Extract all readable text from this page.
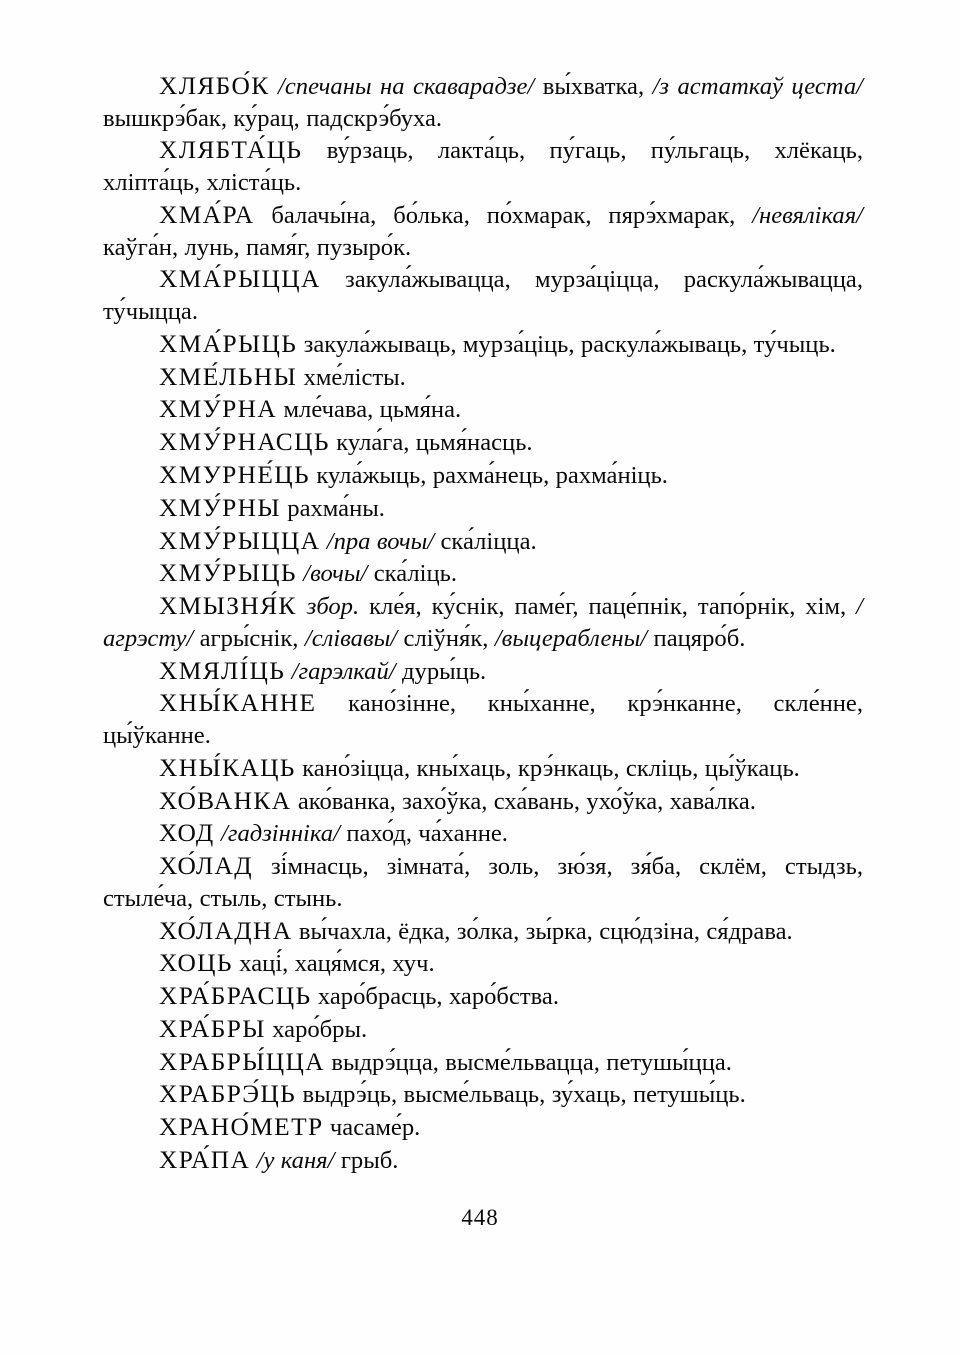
ХЛЯБО́К /спечаны на скаварадзе/ вы́хватка, /з астаткаў цеста/ вышкрэ́бак, ку́рац, падскрэ́буха.

ХЛЯБТА́ЦЬ ву́рзаць, лакта́ць, пу́гаць, пу́льгаць, хлёкаць, хліпта́ць, хліста́ць.

ХМА́РА балачы́на, бо́лька, по́хмарак, пярэ́хмарак, /невялікая/ каўга́н, лунь, памя́г, пузыро́к.

ХМА́РЫЦЦА закула́жывацца, мурза́ціцца, раскула́жывацца, ту́чыцца.

ХМА́РЫЦЬ закула́жываць, мурза́ціць, раскула́жываць, ту́чыць.

ХМЕ́ЛЬНЫ хме́лісты.

ХМУ́РНА мле́чава, цьмя́на.

ХМУ́РНАСЦЬ кула́га, цьмя́насць.

ХМУРНЕ́ЦЬ кула́жыць, рахма́нець, рахма́ніць.

ХМУ́РНЫ рахма́ны.

ХМУ́РЫЦЦА /пра вочы/ ска́ліцца.

ХМУ́РЫЦЬ /вочы/ ска́ліць.

ХМЫЗНЯ́К збор. кле́я, ку́снік, паме́г, паце́пнік, тапо́рнік, хім, /агрэсту/ агры́снік, /слівавы/ сліўня́к, /выцераблены/ пацяро́б.

ХМЯЛІ́ЦЬ /гарэлкай/ дуры́ць.

ХНЫ́КАННЕ кано́зінне, кны́ханне, крэ́нканне, скле́нне, цы́ўканне.

ХНЫ́КАЦЬ кано́зіцца, кны́хаць, крэ́нкаць, скліць, цы́ўкаць.

ХО́ВАНКА ако́ванка, захо́ўка, сха́вань, ухо́ўка, хава́лка.

ХОД /гадзінніка/ пахо́д, ча́ханне.

ХО́ЛАД зі́мнасць, зімната́, золь, зю́зя, зя́ба, склём, стыдзь, стыле́ча, стыль, стынь.

ХО́ЛАДНА вы́чахла, ёдка, зо́лка, зы́рка, сцю́дзіна, ся́драва.

ХОЦЬ хаці́, хаця́мся, хуч.

ХРА́БРАСЦЬ харо́брасць, харо́бства.

ХРА́БРЫ харо́бры.

ХРАБРЫ́ЦЦА выдрэ́цца, высме́львацца, петушы́цца.

ХРАБРЭ́ЦЬ выдрэ́ць, высме́льваць, зу́хаць, петушы́ць.

ХРАНО́МЕТР часаме́р.

ХРА́ПА /у каня/ грыб.

448
